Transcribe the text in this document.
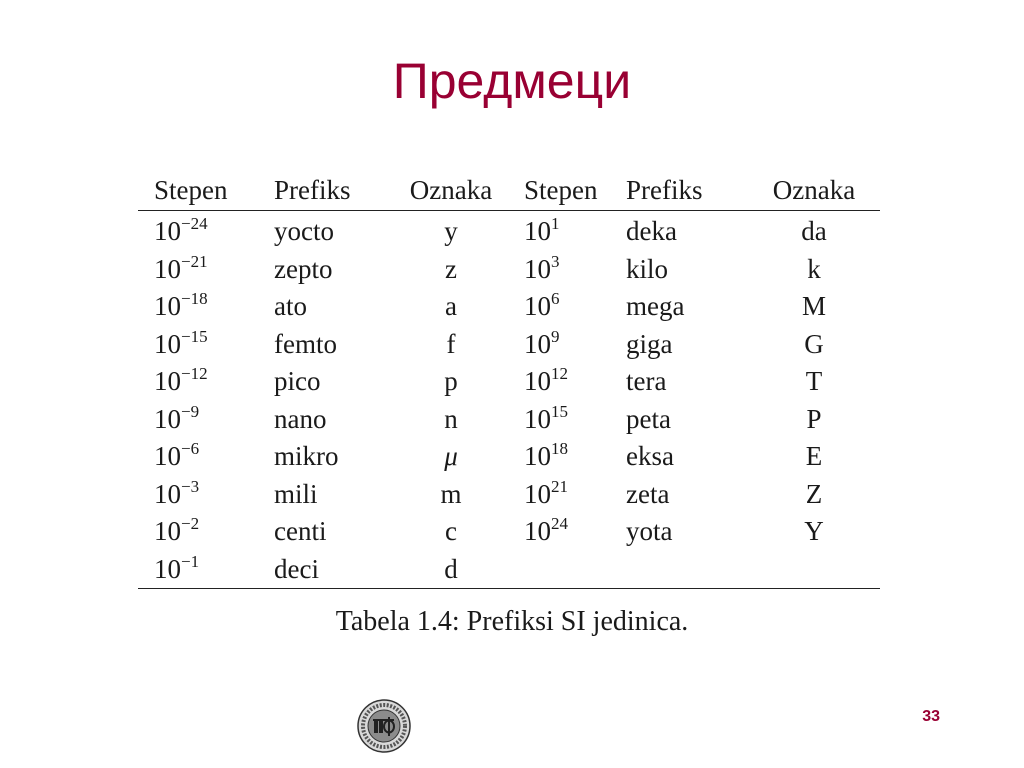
Предмеци
Stepen	Prefiks	Oznaka	Stepen	Prefiks	Oznaka
$10^{-24}$	yocto	y	$10^1$	deka	da
$10^{-21}$	zepto	z	$10^3$	kilo	k
$10^{-18}$	ato	a	$10^6$	mega	M
$10^{-15}$	femto	f	$10^9$	giga	G
$10^{-12}$	pico	p	$10^{12}$	tera	T
$10^{-9}$	nano	n	$10^{15}$	peta	P
$10^{-6}$	mikro	μ	$10^{18}$	eksa	E
$10^{-3}$	mili	m	$10^{21}$	zeta	Z
$10^{-2}$	centi	c	$10^{24}$	yota	Y
$10^{-1}$	deci	d			
Tabela 1.4: Prefiksi SI jedinica.
33
